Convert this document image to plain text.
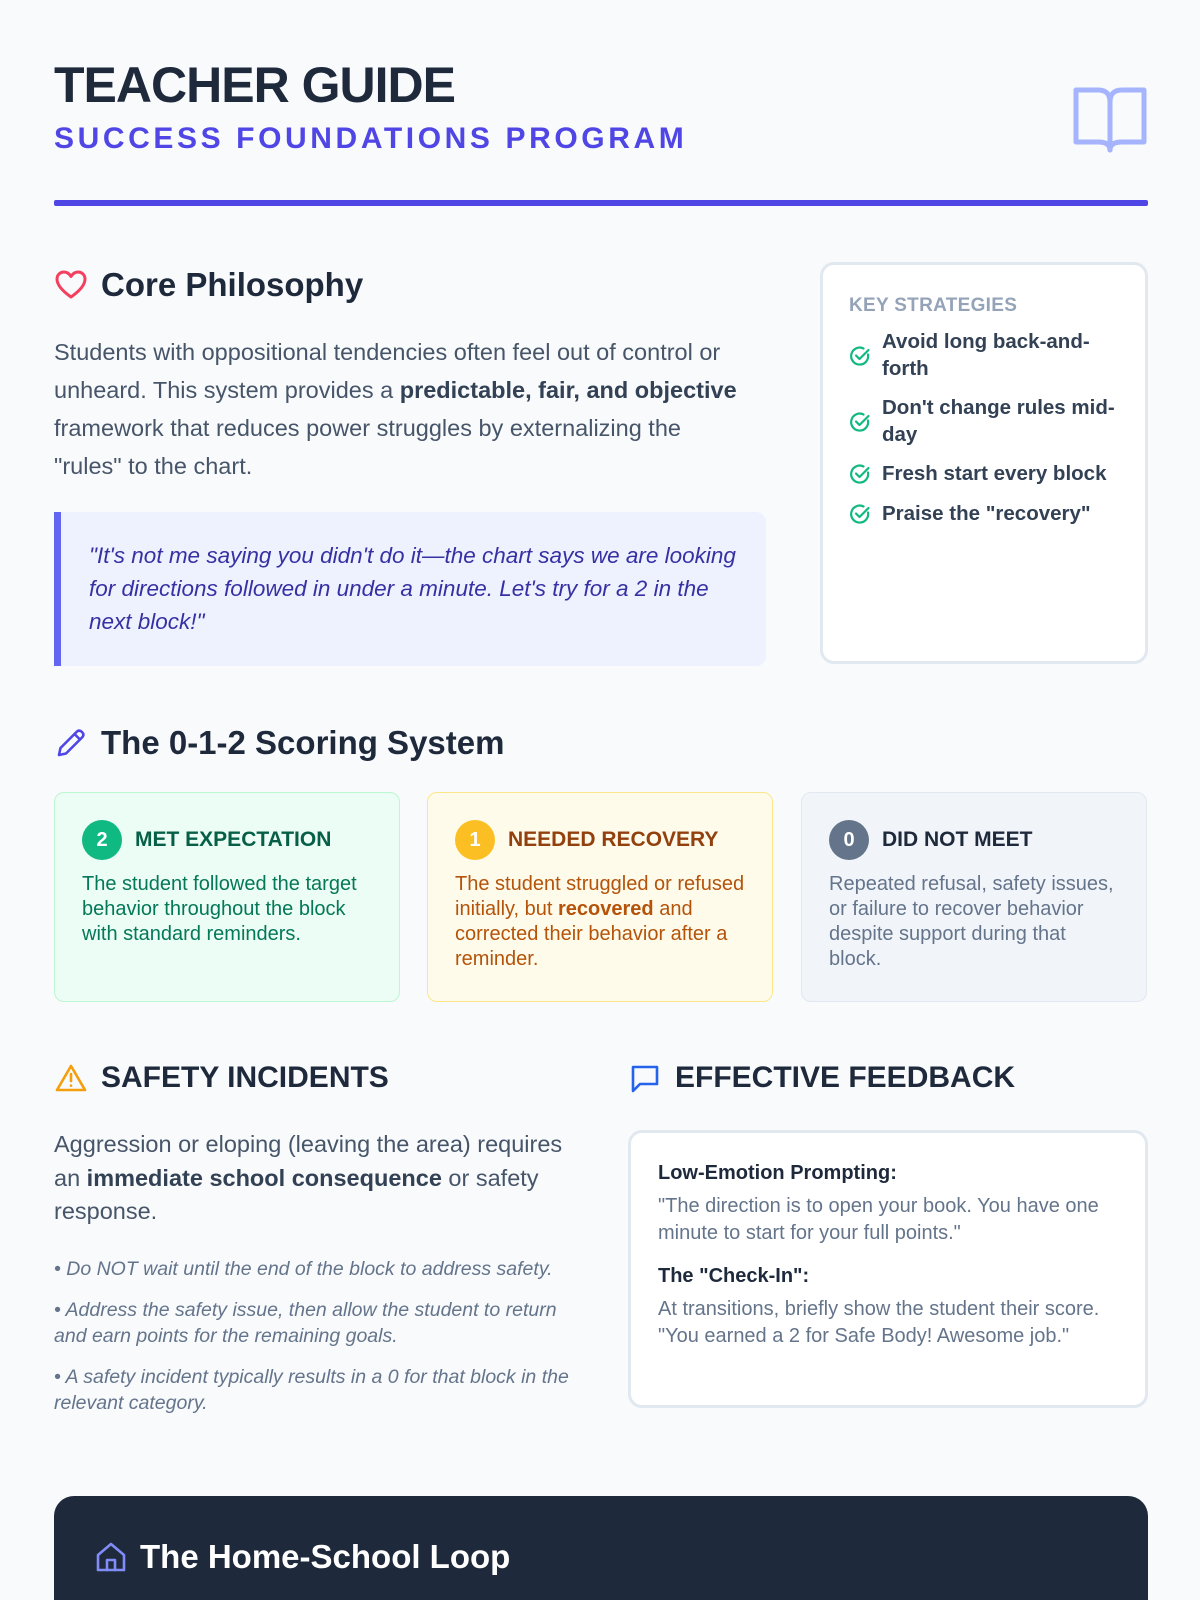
TEACHER GUIDE
SUCCESS FOUNDATIONS PROGRAM
Core Philosophy
Students with oppositional tendencies often feel out of control or unheard. This system provides a predictable, fair, and objective framework that reduces power struggles by externalizing the "rules" to the chart.
"It's not me saying you didn't do it—the chart says we are looking for directions followed in under a minute. Let's try for a 2 in the next block!"
KEY STRATEGIES
Avoid long back-and-forth
Don't change rules mid-day
Fresh start every block
Praise the "recovery"
The 0-1-2 Scoring System
2	MET EXPECTATION
The student followed the target behavior throughout the block with standard reminders.
1	NEEDED RECOVERY
The student struggled or refused initially, but recovered and corrected their behavior after a reminder.
0	DID NOT MEET
Repeated refusal, safety issues, or failure to recover behavior despite support during that block.
SAFETY INCIDENTS
Aggression or eloping (leaving the area) requires an immediate school consequence or safety response.
• Do NOT wait until the end of the block to address safety.
• Address the safety issue, then allow the student to return and earn points for the remaining goals.
• A safety incident typically results in a 0 for that block in the relevant category.
EFFECTIVE FEEDBACK
Low-Emotion Prompting:
"The direction is to open your book. You have one minute to start for your full points."
The "Check-In":
At transitions, briefly show the student their score. "You earned a 2 for Safe Body! Awesome job."
The Home-School Loop
